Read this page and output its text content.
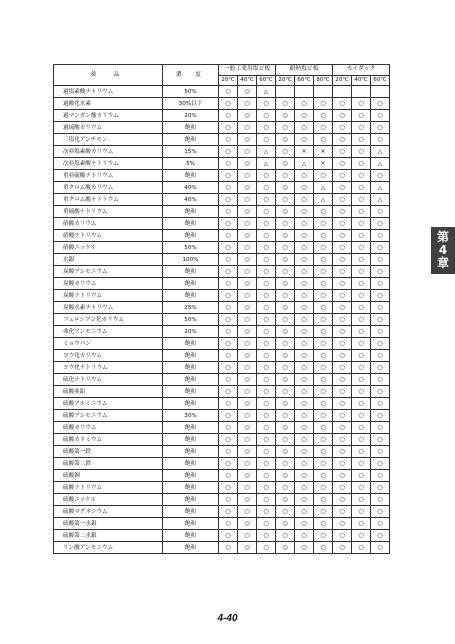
薬　品	濃　度	一般工業用塩ビ板			耐熱塩ビ板			カイダック		
		20℃	40℃	60℃	20℃	60℃	80℃	20℃	40℃	60℃
過塩素酸ナトリウム	50%	○	○	△						
過酸化水素	30%以下	○	○	○	○	○	○	○	○	○
過マンガン酸カリウム	20%	○	○	○	○	○	○	○	○	○
過硫酸カリウム	飽和	○	○	○	○	○	○	○	○	○
三塩化アンチモン	飽和	○	○	○	○	○	○	○	○	○
次亜塩素酸カリウム	15%	○	○	△	○	×	×	○	○	△
次亜塩素酸ナトリウム	5%	○	○	△	○	△	×	○	○	△
重亜硫酸ナトリウム	飽和	○	○	○	○	○	○	○	○	○
重クロム酸カリウム	40%	○	○	○	○	○	△	○	○	△
重クロム酸ナトリウム	40%	○	○	○	○	○	△	○	○	△
重硫酸ナトリウム	飽和	○	○	○	○	○	○	○	○	○
硝酸カリウム	飽和	○	○	○	○	○	○	○	○	○
硝酸ナトリウム	飽和	○	○	○	○	○	○	○	○	○
硝酸ニッケル	50%	○	○	○	○	○	○	○	○	○
水銀	100%	○	○	○	○	○	○	○	○	○
炭酸アンモニウム	飽和	○	○	○	○	○	○	○	○	○
炭酸カリウム	飽和	○	○	○	○	○	○	○	○	○
炭酸ナトリウム	飽和	○	○	○	○	○	○	○	○	○
炭酸水素ナトリウム	25%	○	○	○	○	○	○	○	○	○
フェロシアン化カリウム	50%	○	○	○	○	○	○	○	○	○
弗化アンモニウム	20%	○	○	○	○	○	○	○	○	○
ミョウバン	飽和	○	○	○	○	○	○	○	○	○
ヨウ化カリウム	飽和	○	○	○	○	○	○	○	○	○
ヨウ化ナトリウム	飽和	○	○	○	○	○	○	○	○	○
硫化ナトリウム	飽和	○	○	○	○	○	○	○	○	○
硫酸亜鉛	飽和	○	○	○	○	○	○	○	○	○
硫酸アルミニウム	飽和	○	○	○	○	○	○	○	○	○
硫酸アンモニウム	30%	○	○	○	○	○	○	○	○	○
硫酸カリウム	飽和	○	○	○	○	○	○	○	○	○
硫酸カドミウム	飽和	○	○	○	○	○	○	○	○	○
硫酸第一鉄	飽和	○	○	○	○	○	○	○	○	○
硫酸第二鉄	飽和	○	○	○	○	○	○	○	○	○
硫酸銅	飽和	○	○	○	○	○	○	○	○	○
硫酸ナトリウム	飽和	○	○	○	○	○	○	○	○	○
硫酸ニッケル	飽和	○	○	○	○	○	○	○	○	○
硫酸マグネシウム	飽和	○	○	○	○	○	○	○	○	○
硫酸第一水銀	飽和	○	○	○	○	○	○	○	○	○
硫酸第二水銀	飽和	○	○	○	○	○	○	○	○	○
リン酸アンモニウム	飽和	○	○	○	○	○	○	○	○	○
第
4
章
4-40
